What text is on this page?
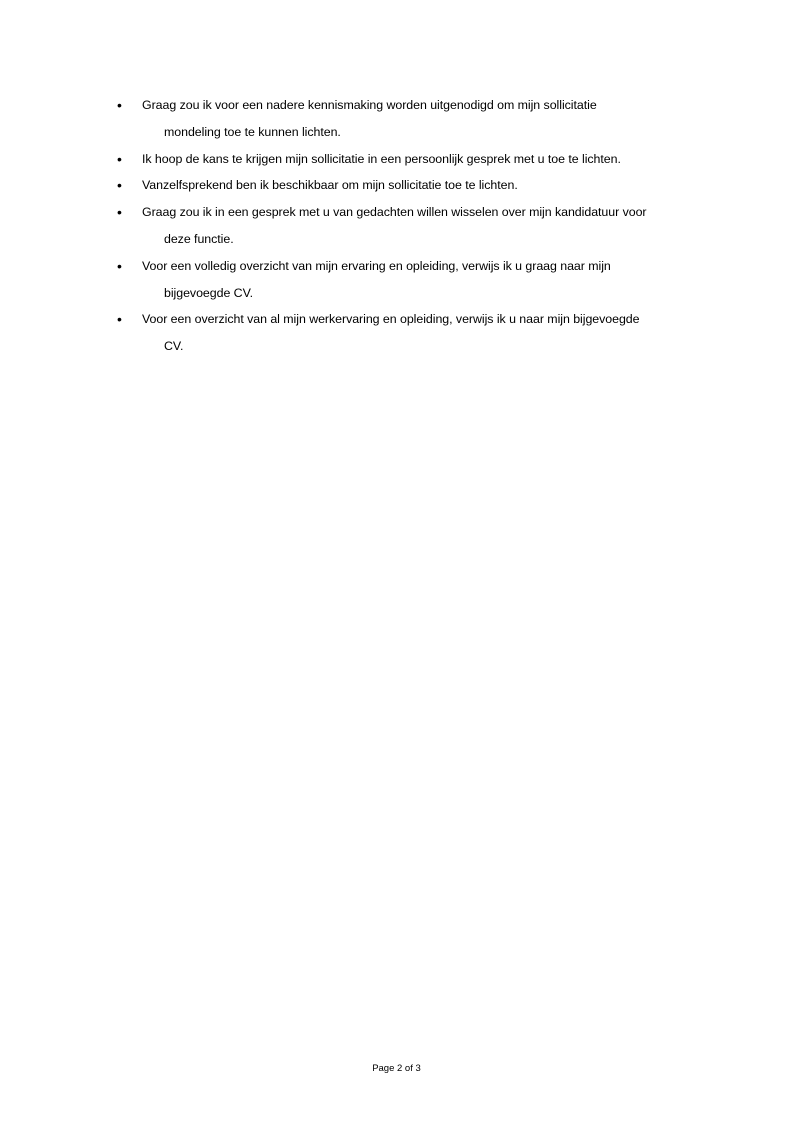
•	Graag zou ik voor een nadere kennismaking worden uitgenodigd om mijn sollicitatie
mondeling toe te kunnen lichten.
•	Ik hoop de kans te krijgen mijn sollicitatie in een persoonlijk gesprek met u toe te lichten.
•	Vanzelfsprekend ben ik beschikbaar om mijn sollicitatie toe te lichten.
•	Graag zou ik in een gesprek met u van gedachten willen wisselen over mijn kandidatuur voor
deze functie.
•	Voor een volledig overzicht van mijn ervaring en opleiding, verwijs ik u graag naar mijn
bijgevoegde CV.
•	Voor een overzicht van al mijn werkervaring en opleiding, verwijs ik u naar mijn bijgevoegde
CV.
Page 2 of 3
